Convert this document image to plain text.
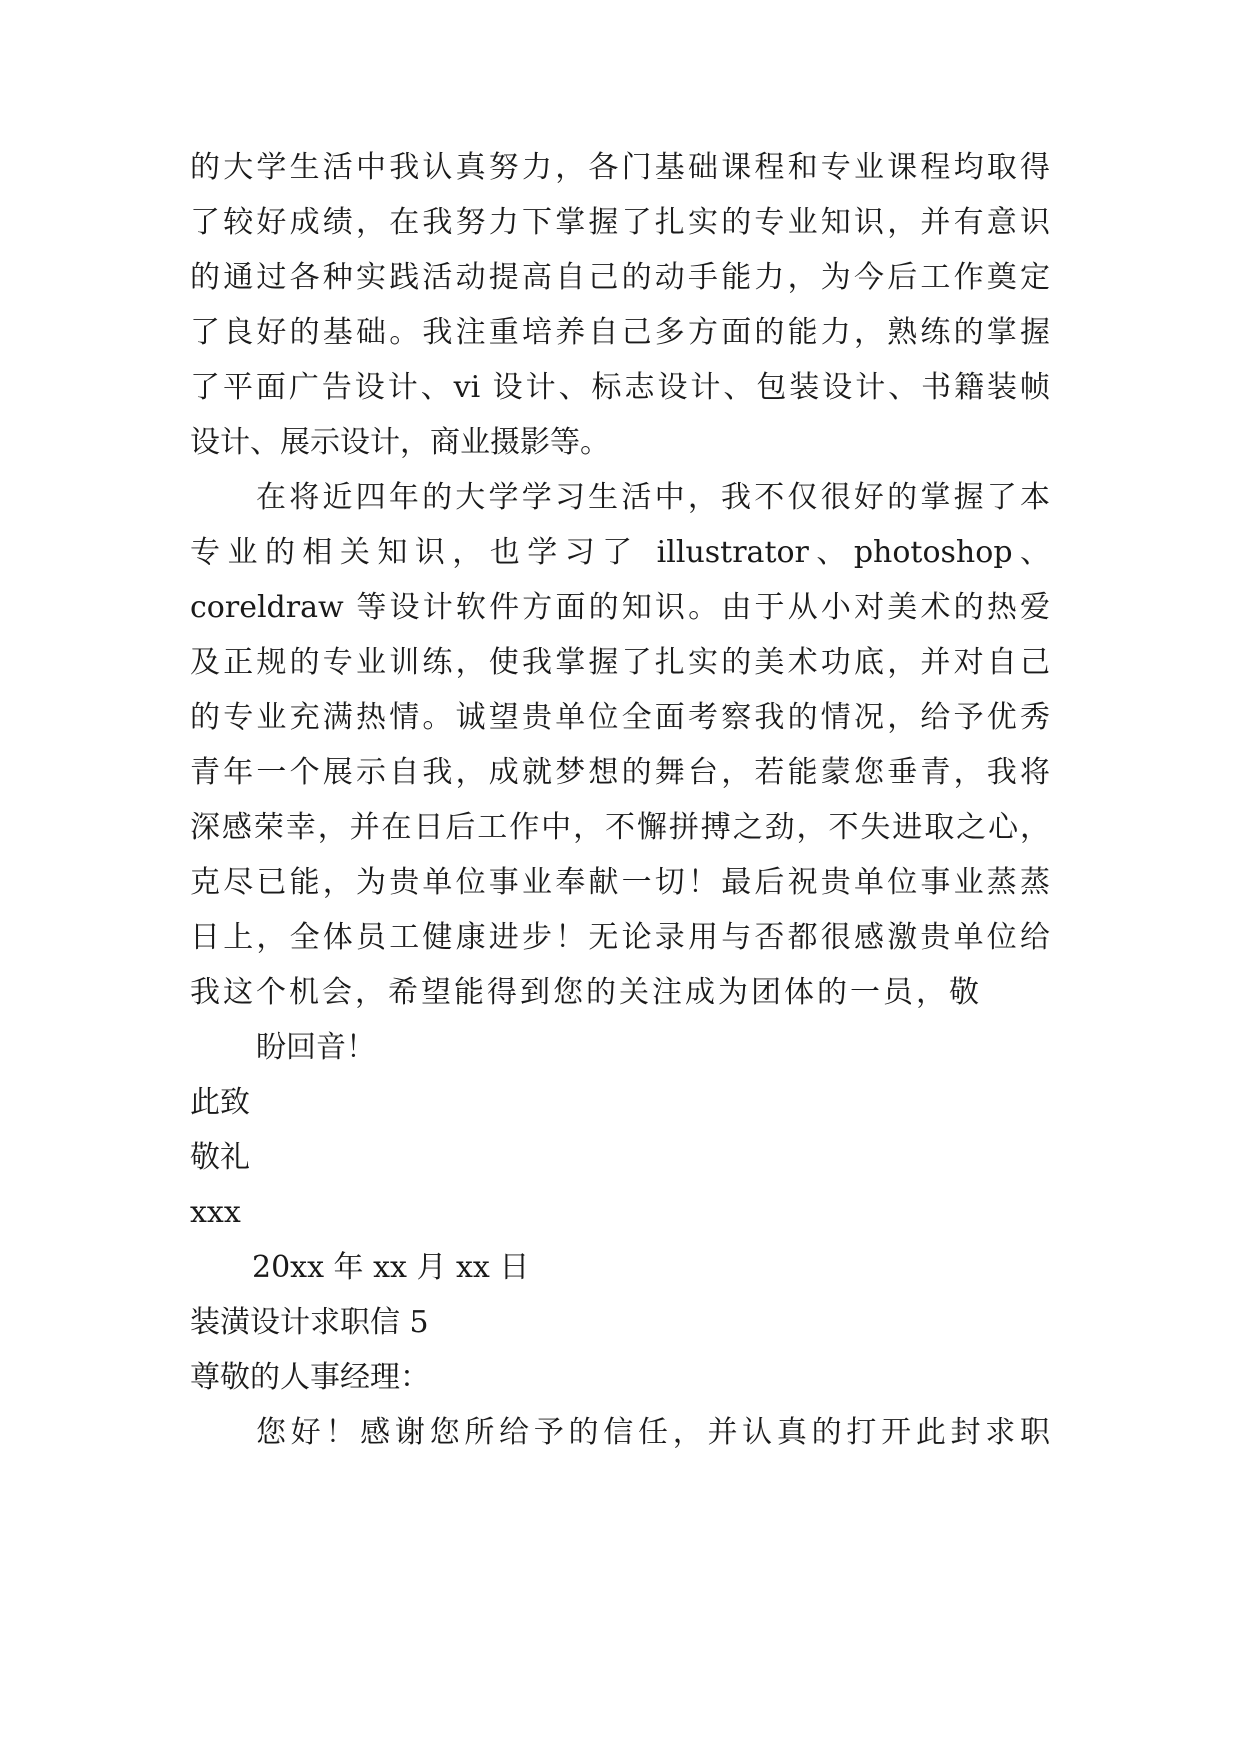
的大学生活中我认真努力，各门基础课程和专业课程均取得
了较好成绩，在我努力下掌握了扎实的专业知识，并有意识
的通过各种实践活动提高自己的动手能力，为今后工作奠定
了良好的基础。我注重培养自己多方面的能力，熟练的掌握
了平面广告设计、vi 设计、标志设计、包装设计、书籍装帧
设计、展示设计，商业摄影等。
在将近四年的大学学习生活中，我不仅很好的掌握了本
专业的相关知识，也学习了 illustrator、photoshop、
coreldraw 等设计软件方面的知识。由于从小对美术的热爱
及正规的专业训练，使我掌握了扎实的美术功底，并对自己
的专业充满热情。诚望贵单位全面考察我的情况，给予优秀
青年一个展示自我，成就梦想的舞台，若能蒙您垂青，我将
深感荣幸，并在日后工作中，不懈拼搏之劲，不失进取之心，
克尽已能，为贵单位事业奉献一切！最后祝贵单位事业蒸蒸
日上，全体员工健康进步！无论录用与否都很感激贵单位给
我这个机会，希望能得到您的关注成为团体的一员，敬
盼回音！
此致
敬礼
xxx
20xx 年 xx 月 xx 日
装潢设计求职信 5
尊敬的人事经理：
您好！感谢您所给予的信任，并认真的打开此封求职
